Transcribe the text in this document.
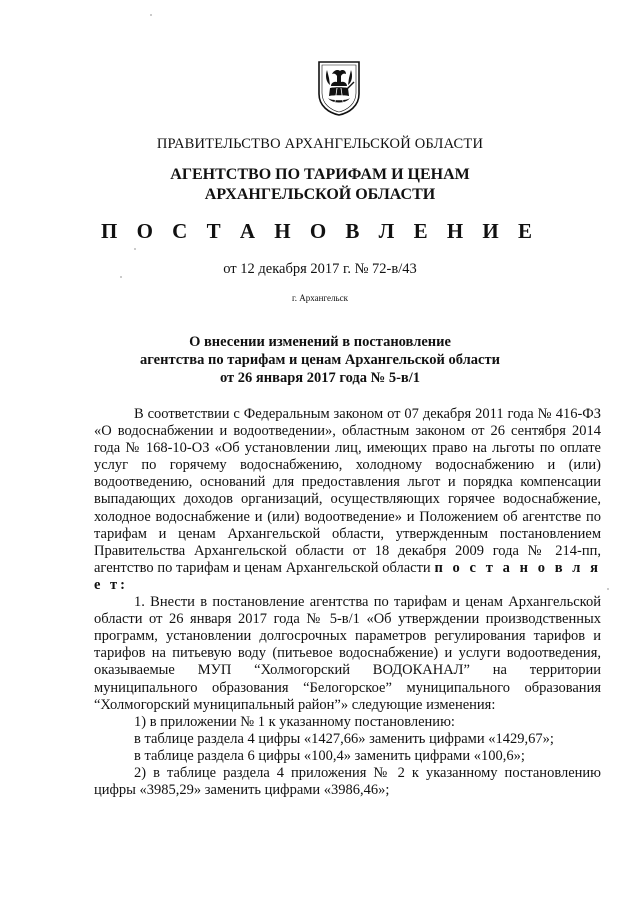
ПРАВИТЕЛЬСТВО АРХАНГЕЛЬСКОЙ ОБЛАСТИ
АГЕНТСТВО ПО ТАРИФАМ И ЦЕНАМ
АРХАНГЕЛЬСКОЙ ОБЛАСТИ
П О С Т А Н О В Л Е Н И Е
от 12 декабря 2017 г. № 72-в/43
г. Архангельск
О внесении изменений в постановление
агентства по тарифам и ценам Архангельской области
от 26 января 2017 года № 5-в/1

В соответствии с Федеральным законом от 07 декабря 2011 года № 416-ФЗ «О водоснабжении и водоотведении», областным законом от 26 сентября 2014 года № 168-10-ОЗ «Об установлении лиц, имеющих право на льготы по оплате услуг по горячему водоснабжению, холодному водоснабжению и (или) водоотведению, оснований для предоставления льгот и порядка компенсации выпадающих доходов организаций, осуществляющих горячее водоснабжение, холодное водоснабжение и (или) водоотведение» и Положением об агентстве по тарифам и ценам Архангельской области, утвержденным постановлением Правительства Архангельской области от 18 декабря 2009 года № 214-пп, агентство по тарифам и ценам Архангельской области п о с т а н о в л я е т:

1. Внести в постановление агентства по тарифам и ценам Архангельской области от 26 января 2017 года № 5-в/1 «Об утверждении производственных программ, установлении долгосрочных параметров регулирования тарифов и тарифов на питьевую воду (питьевое водоснабжение) и услуги водоотведения, оказываемые МУП “Холмогорский ВОДОКАНАЛ” на территории муниципального образования “Белогорское” муниципального образования “Холмогорский муниципальный район”» следующие изменения:

1) в приложении № 1 к указанному постановлению:

в таблице раздела 4 цифры «1427,66» заменить цифрами «1429,67»;

в таблице раздела 6 цифры «100,4» заменить цифрами «100,6»;

2) в таблице раздела 4 приложения № 2 к указанному постановлению цифры «3985,29» заменить цифрами «3986,46»;
